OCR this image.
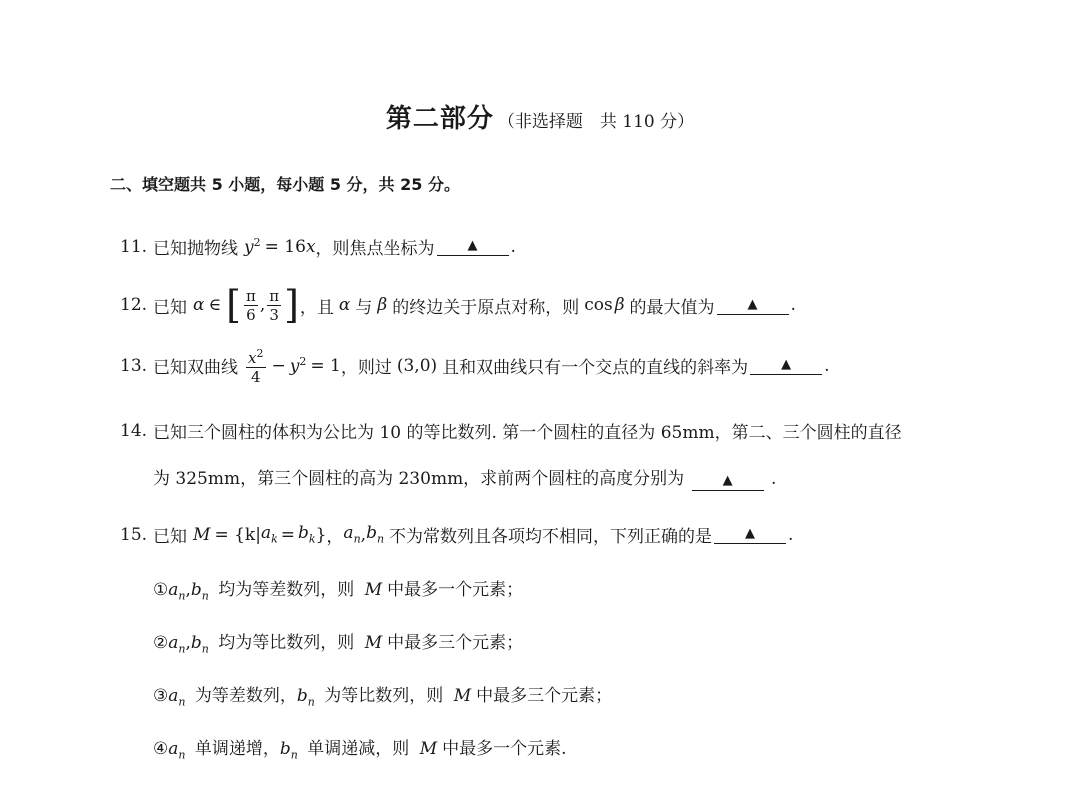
第二部分 （非选择题　共 110 分）
二、填空题共 5 小题，每小题 5 分，共 25 分。
11. 已知抛物线 $y^2 = 16$ x ，则焦点坐标为	▲	.
12. 已知 α ∈ [ $\frac{\pi}{6}$ , $\frac{\pi}{3}$ ] ，且 α 与 β 的终边关于原点对称，则 cos β 的最大值为	▲	.
13. 已知双曲线 $\frac{x^2}{4} - y^2 = 1$ ，则过 (3,0) 且和双曲线只有一个交点的直线的斜率为	▲	.
14. 已知三个圆柱的体积为公比为 10 的等比数列. 第一个圆柱的直径为 65mm，第二、三个圆柱的直径
为 325mm，第三个圆柱的高为 230mm，求前两个圆柱的高度分别为	▲ .
15. 已知 M = {k| $a_k = b_k$ } ， $a_n$ , $b_n$ 不为常数列且各项均不相同，下列正确的是	▲	.
$①a_n,b_n$ 均为等差数列，则 M 中最多一个元素；
$②a_n,b_n$ 均为等比数列，则 M 中最多三个元素；
$③a_n$ 为等差数列，$b_n$ 为等比数列，则 M 中最多三个元素；
$④a_n$ 单调递增，$b_n$ 单调递减，则 M 中最多一个元素.
